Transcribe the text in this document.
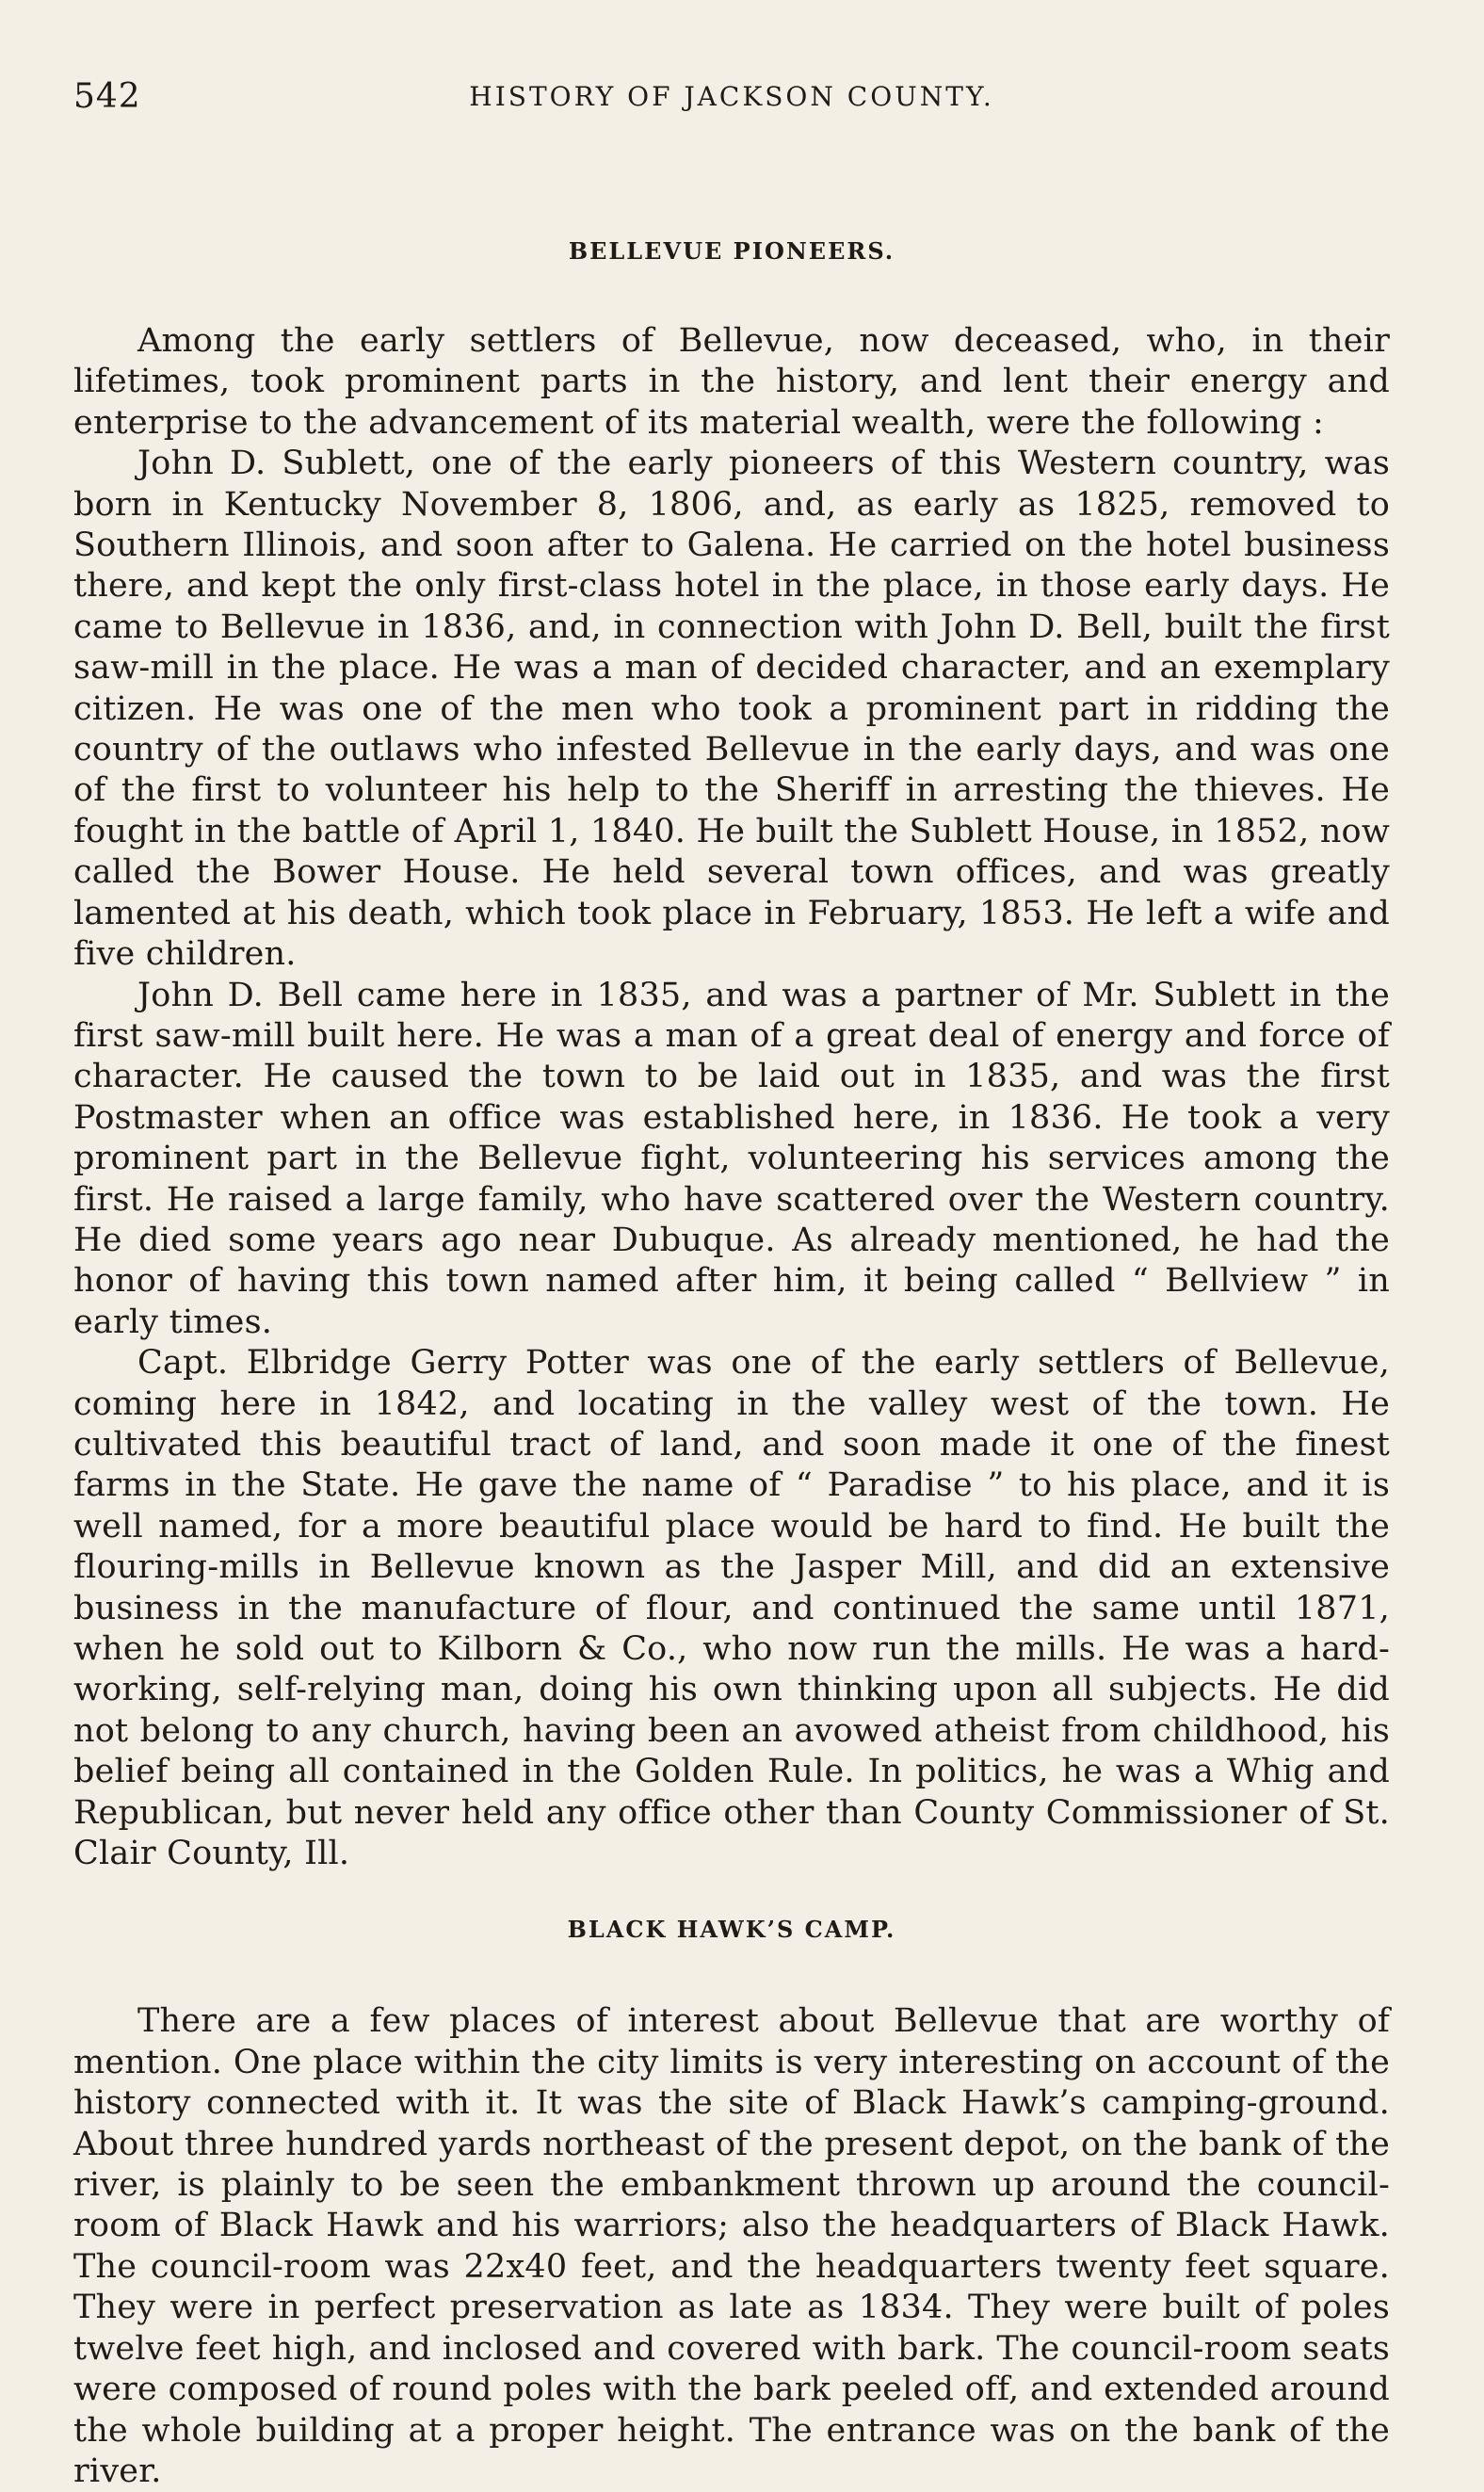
542	HISTORY OF JACKSON COUNTY.
BELLEVUE PIONEERS.

Among the early settlers of Bellevue, now deceased, who, in their lifetimes, took prominent parts in the history, and lent their energy and enterprise to the advancement of its material wealth, were the following :

John D. Sublett, one of the early pioneers of this Western country, was born in Kentucky November 8, 1806, and, as early as 1825, removed to Southern Illinois, and soon after to Galena. He carried on the hotel business there, and kept the only first-class hotel in the place, in those early days. He came to Bellevue in 1836, and, in connection with John D. Bell, built the first saw-mill in the place. He was a man of decided character, and an exemplary citizen. He was one of the men who took a prominent part in ridding the country of the outlaws who infested Bellevue in the early days, and was one of the first to volunteer his help to the Sheriff in arresting the thieves. He fought in the battle of April 1, 1840. He built the Sublett House, in 1852, now called the Bower House. He held several town offices, and was greatly lamented at his death, which took place in February, 1853. He left a wife and five children.

John D. Bell came here in 1835, and was a partner of Mr. Sublett in the first saw-mill built here. He was a man of a great deal of energy and force of character. He caused the town to be laid out in 1835, and was the first Postmaster when an office was established here, in 1836. He took a very prominent part in the Bellevue fight, volunteering his services among the first. He raised a large family, who have scattered over the Western country. He died some years ago near Dubuque. As already mentioned, he had the honor of having this town named after him, it being called “ Bellview ” in early times.

Capt. Elbridge Gerry Potter was one of the early settlers of Bellevue, coming here in 1842, and locating in the valley west of the town. He cultivated this beautiful tract of land, and soon made it one of the finest farms in the State. He gave the name of “ Paradise ” to his place, and it is well named, for a more beautiful place would be hard to find. He built the flouring-mills in Bellevue known as the Jasper Mill, and did an extensive business in the manufacture of flour, and continued the same until 1871, when he sold out to Kilborn & Co., who now run the mills. He was a hard-working, self-relying man, doing his own thinking upon all subjects. He did not belong to any church, having been an avowed atheist from childhood, his belief being all contained in the Golden Rule. In politics, he was a Whig and Republican, but never held any office other than County Commissioner of St. Clair County, Ill.

BLACK HAWK’S CAMP.

There are a few places of interest about Bellevue that are worthy of mention. One place within the city limits is very interesting on account of the history connected with it. It was the site of Black Hawk’s camping-ground. About three hundred yards northeast of the present depot, on the bank of the river, is plainly to be seen the embankment thrown up around the council-room of Black Hawk and his warriors; also the headquarters of Black Hawk. The council-room was 22x40 feet, and the headquarters twenty feet square. They were in perfect preservation as late as 1834. They were built of poles twelve feet high, and inclosed and covered with bark. The council-room seats were composed of round poles with the bark peeled off, and extended around the whole building at a proper height. The entrance was on the bank of the river.
